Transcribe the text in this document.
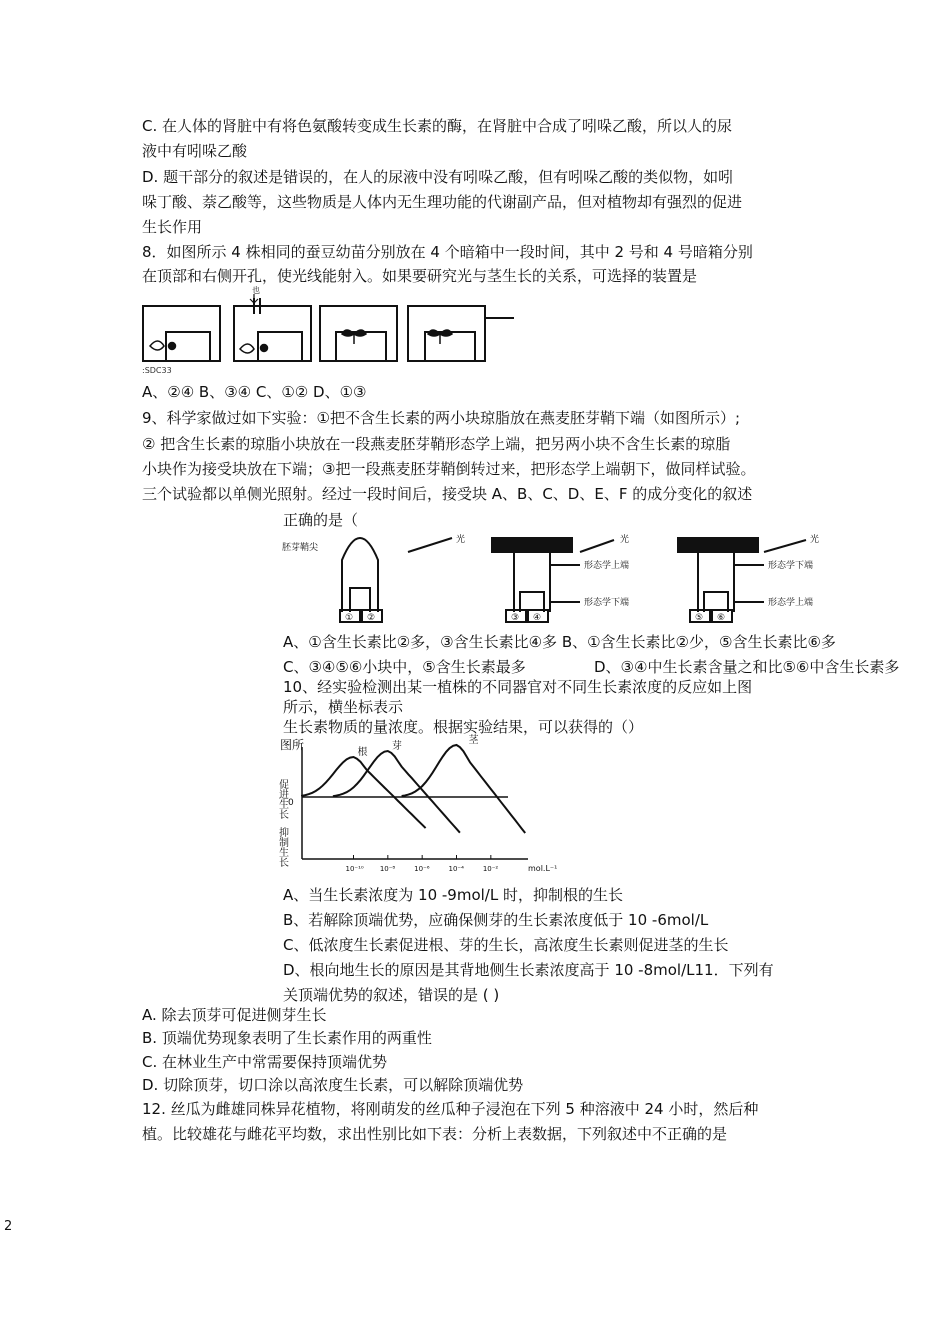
C. 在人体的肾脏中有将色氨酸转变成生长素的酶，在肾脏中合成了吲哚乙酸，所以人的尿
液中有吲哚乙酸
D. 题干部分的叙述是错误的，在人的尿液中没有吲哚乙酸，但有吲哚乙酸的类似物，如吲
哚丁酸、萘乙酸等，这些物质是人体内无生理功能的代谢副产品，但对植物却有强烈的促进
生长作用
8．如图所示 4 株相同的蚕豆幼苗分别放在 4 个暗箱中一段时间，其中 2 号和 4 号暗箱分别
在顶部和右侧开孔，使光线能射入。如果要研究光与茎生长的关系，可选择的装置是
也
:SDC33
A、②④ B、③④ C、①② D、①③
9、科学家做过如下实验：①把不含生长素的两小块琼脂放在燕麦胚芽鞘下端（如图所示）;
② 把含生长素的琼脂小块放在一段燕麦胚芽鞘形态学上端，把另两小块不含生长素的琼脂
小块作为接受块放在下端；③把一段燕麦胚芽鞘倒转过来，把形态学上端朝下，做同样试验。
三个试验都以单侧光照射。经过一段时间后，接受块 A、B、C、D、E、F 的成分变化的叙述
正确的是（
胚芽鞘尖
光	光	光
形态学上端
形态学下端
形态学下端
形态学上端
① ②	③ ④	⑤ ⑥
A、①含生长素比②多，③含生长素比④多 B、①含生长素比②少，⑤含生长素比⑥多
C、③④⑤⑥小块中，⑤含生长素最多	D、③④中生长素含量之和比⑤⑥中含生长素多
10、经实验检测出某一植株的不同器官对不同生长素浓度的反应如上图
所示，横坐标表示
生长素物质的量浓度。根据实验结果，可以获得的（）
图所
促进生长
抑制生长
0
10⁻¹⁰ 10⁻⁸	10⁻⁶	10⁻⁴	10⁻²
根
芽
茎
mol.L⁻¹
A、当生长素浓度为 10 -9mol/L 时，抑制根的生长
B、若解除顶端优势，应确保侧芽的生长素浓度低于 10 -6mol/L
C、低浓度生长素促进根、芽的生长，高浓度生长素则促进茎的生长
D、根向地生长的原因是其背地侧生长素浓度高于 10 -8mol/L11．下列有
关顶端优势的叙述，错误的是 ( )
A. 除去顶芽可促进侧芽生长
B. 顶端优势现象表明了生长素作用的两重性
C. 在林业生产中常需要保持顶端优势
D. 切除顶芽，切口涂以高浓度生长素，可以解除顶端优势
12. 丝瓜为雌雄同株异花植物，将刚萌发的丝瓜种子浸泡在下列 5 种溶液中 24 小时，然后种
植。比较雄花与雌花平均数，求出性别比如下表：分析上表数据，下列叙述中不正确的是
2
